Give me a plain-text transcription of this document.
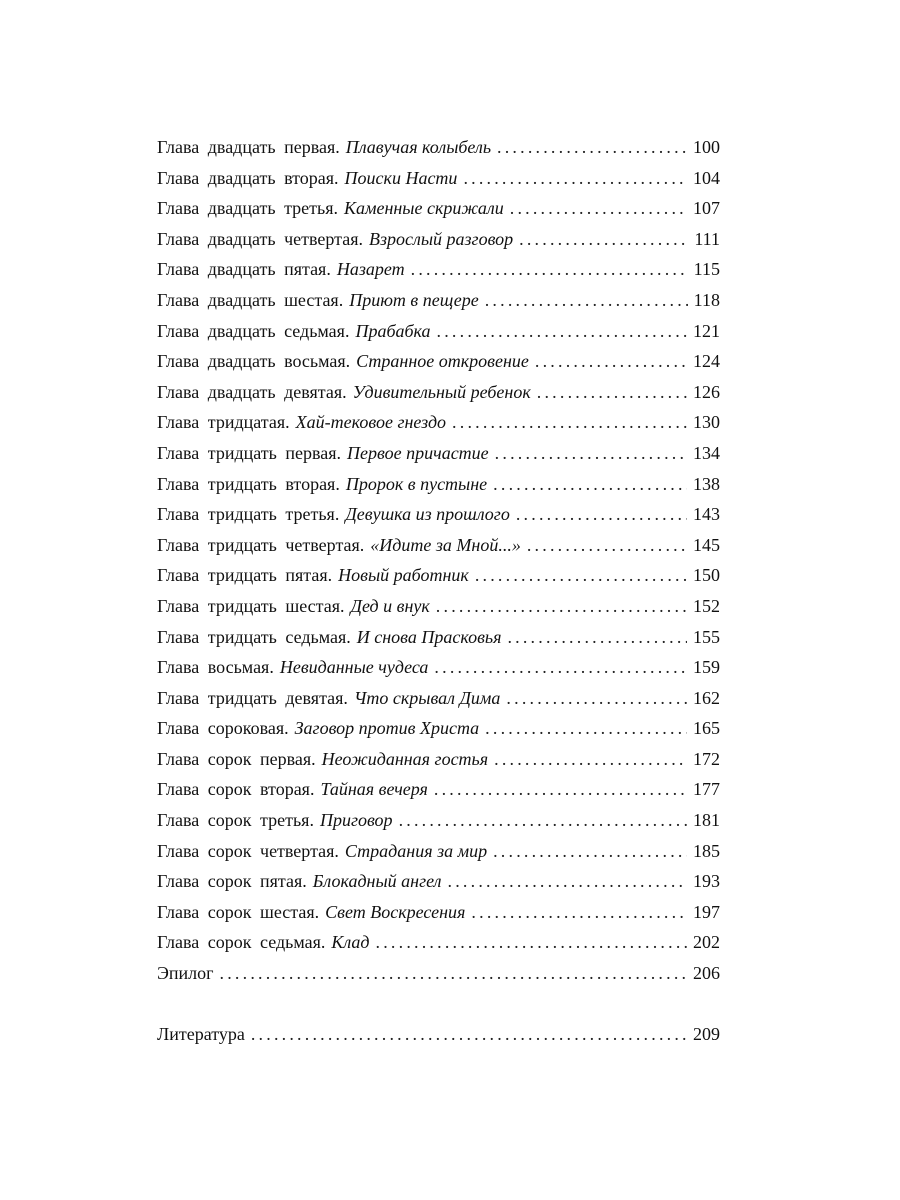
Глава двадцать первая. Плавучая колыбель .....	100
Глава двадцать вторая. Поиски Насти .....	104
Глава двадцать третья. Каменные скрижали .....	107
Глава двадцать четвертая. Взрослый разговор .....	111
Глава двадцать пятая. Назарет .....	115
Глава двадцать шестая. Приют в пещере .....	118
Глава двадцать седьмая. Прабабка .....	121
Глава двадцать восьмая. Странное откровение .....	124
Глава двадцать девятая. Удивительный ребенок .....	126
Глава тридцатая. Хай-тековое гнездо .....	130
Глава тридцать первая. Первое причастие .....	134
Глава тридцать вторая. Пророк в пустыне .....	138
Глава тридцать третья. Девушка из прошлого .....	143
Глава тридцать четвертая. «Идите за Мной...» .....	145
Глава тридцать пятая. Новый работник .....	150
Глава тридцать шестая. Дед и внук .....	152
Глава тридцать седьмая. И снова Прасковья .....	155
Глава восьмая. Невиданные чудеса .....	159
Глава тридцать девятая. Что скрывал Дима .....	162
Глава сороковая. Заговор против Христа .....	165
Глава сорок первая. Неожиданная гостья .....	172
Глава сорок вторая. Тайная вечеря .....	177
Глава сорок третья. Приговор .....	181
Глава сорок четвертая. Страдания за мир .....	185
Глава сорок пятая. Блокадный ангел .....	193
Глава сорок шестая. Свет Воскресения .....	197
Глава сорок седьмая. Клад .....	202
Эпилог .....	206
Литература .....	209
